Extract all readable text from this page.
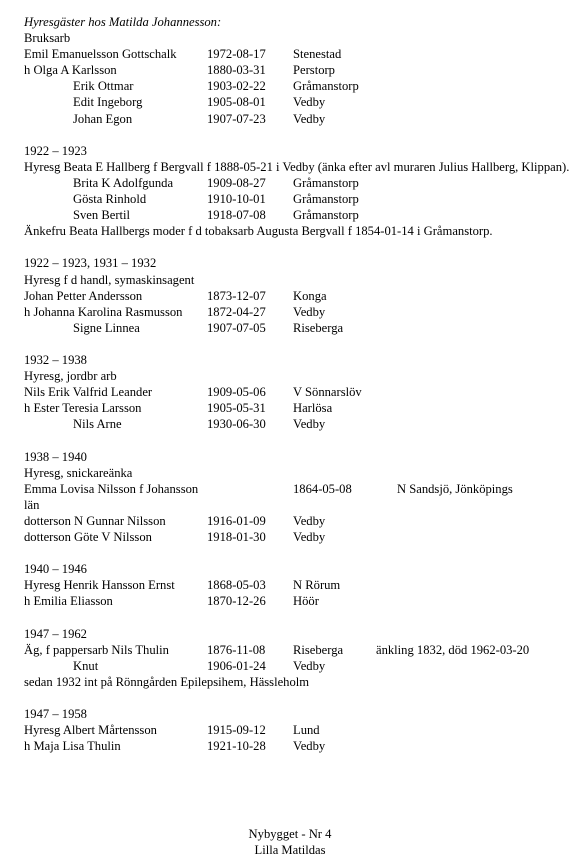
Hyresgäster hos Matilda Johannesson:
Bruksarb
Emil Emanuelsson Gottschalk 1972-08-17 Stenestad
h Olga A Karlsson	1880-03-31 Perstorp
Erik Ottmar	1903-02-22 Gråmanstorp
Edit Ingeborg	1905-08-01 Vedby
Johan Egon	1907-07-23 Vedby
1922 – 1923
Hyresg Beata E Hallberg f Bergvall f 1888-05-21 i Vedby (änka efter avl muraren Julius Hallberg, Klippan).
Brita K Adolfgunda	1909-08-27 Gråmanstorp
Gösta Rinhold	1910-10-01 Gråmanstorp
Sven Bertil	1918-07-08 Gråmanstorp
Änkefru Beata Hallbergs moder f d tobaksarb Augusta Bergvall f 1854-01-14 i Gråmanstorp.
1922 – 1923, 1931 – 1932
Hyresg f d handl, symaskinsagent
Johan Petter Andersson	1873-12-07 Konga
h Johanna Karolina Rasmusson 1872-04-27 Vedby
Signe Linnea	1907-07-05 Riseberga
1932 – 1938
Hyresg, jordbr arb
Nils Erik Valfrid Leander	1909-05-06 V Sönnarslöv
h Ester Teresia Larsson	1905-05-31 Harlösa
Nils Arne	1930-06-30 Vedby
1938 – 1940
Hyresg, snickareänka
Emma Lovisa Nilsson f Johansson	1864-05-08	N Sandsjö, Jönköpings
län
dotterson N Gunnar Nilsson	1916-01-09 Vedby
dotterson Göte V Nilsson	1918-01-30 Vedby
1940 – 1946
Hyresg Henrik Hansson Ernst	1868-05-03 N Rörum
h Emilia Eliasson	1870-12-26 Höör
1947 – 1962
Äg, f pappersarb Nils Thulin	1876-11-08 Riseberga	änkling 1832, död 1962-03-20
Knut	1906-01-24 Vedby
sedan 1932 int på Rönngården Epilepsihem, Hässleholm
1947 – 1958
Hyresg Albert Mårtensson	1915-09-12 Lund
h Maja Lisa Thulin	1921-10-28 Vedby
Nybygget - Nr 4
Lilla Matildas
